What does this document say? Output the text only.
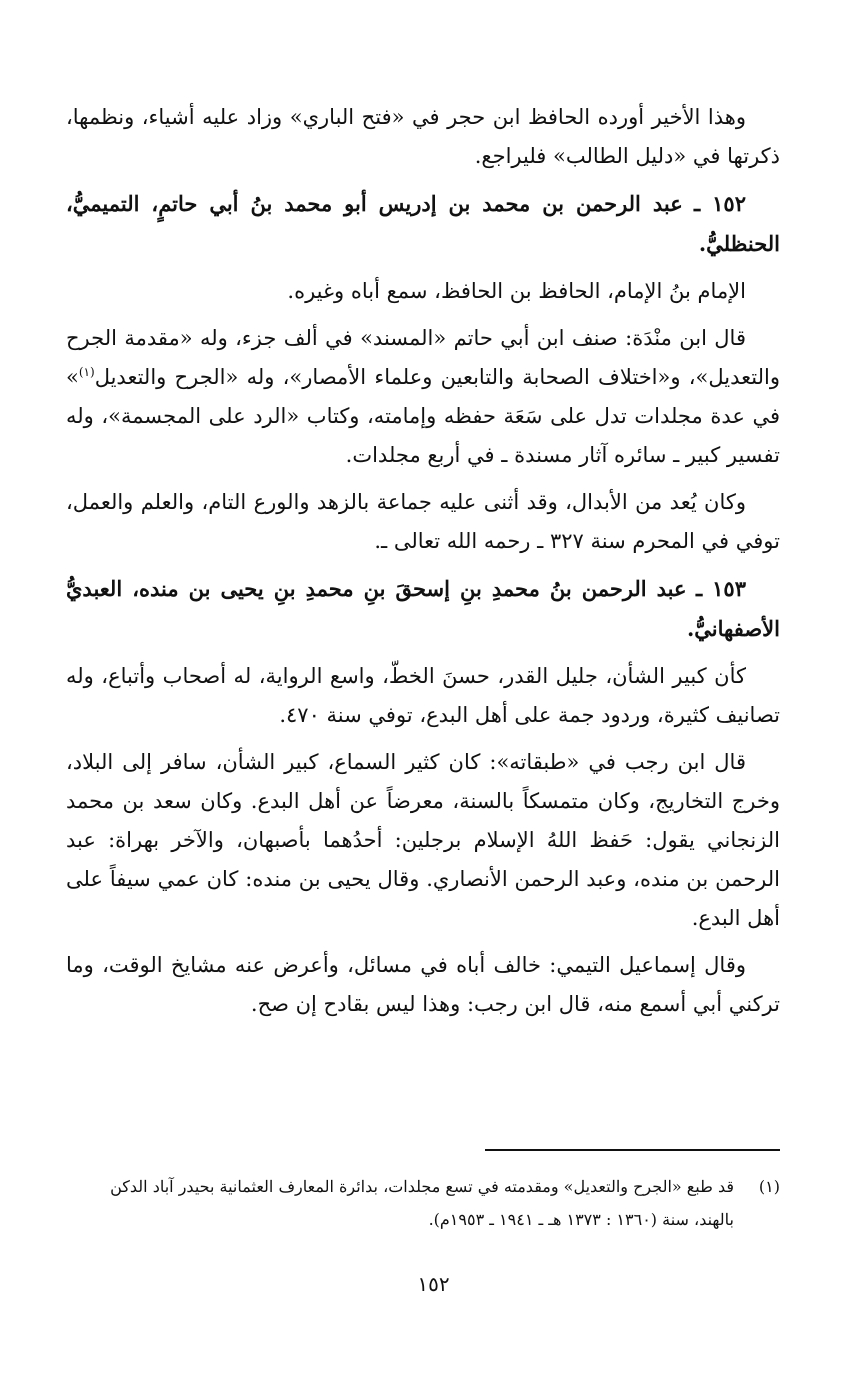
وهذا الأخير أورده الحافظ ابن حجر في «فتح الباري» وزاد عليه أشياء، ونظمها، ذكرتها في «دليل الطالب» فليراجع.

١٥٢ ـ عبد الرحمن بن محمد بن إدريس أبو محمد بنُ أبي حاتمٍ، التميميُّ، الحنظليُّ.

الإمام بنُ الإمام، الحافظ بن الحافظ، سمع أباه وغيره.

قال ابن منْدَة: صنف ابن أبي حاتم «المسند» في ألف جزء، وله «مقدمة الجرح والتعديل»، و«اختلاف الصحابة والتابعين وعلماء الأمصار»، وله «الجرح والتعديل$^{(١)}$» في عدة مجلدات تدل على سَعَة حفظه وإمامته، وكتاب «الرد على المجسمة»، وله تفسير كبير ـ سائره آثار مسندة ـ في أربع مجلدات.

وكان يُعد من الأبدال، وقد أثنى عليه جماعة بالزهد والورع التام، والعلم والعمل، توفي في المحرم سنة ٣٢٧ ـ رحمه الله تعالى ـ.

١٥٣ ـ عبد الرحمن بنُ محمدِ بنِ إسحقَ بنِ محمدِ بنِ يحيى بن منده، العبديُّ الأصفهانيُّ.

كأن كبير الشأن، جليل القدر، حسنَ الخطّ، واسع الرواية، له أصحاب وأتباع، وله تصانيف كثيرة، وردود جمة على أهل البدع، توفي سنة ٤٧٠.

قال ابن رجب في «طبقاته»: كان كثير السماع، كبير الشأن، سافر إلى البلاد، وخرج التخاريج، وكان متمسكاً بالسنة، معرضاً عن أهل البدع. وكان سعد بن محمد الزنجاني يقول: حَفظ اللهُ الإسلام برجلين: أحدُهما بأصبهان، والآخر بهراة: عبد الرحمن بن منده، وعبد الرحمن الأنصاري. وقال يحيى بن منده: كان عمي سيفاً على أهل البدع.

وقال إسماعيل التيمي: خالف أباه في مسائل، وأعرض عنه مشايخ الوقت، وما تركني أبي أسمع منه، قال ابن رجب: وهذا ليس بقادح إن صح.

(١)
قد طبع «الجرح والتعديل» ومقدمته في تسع مجلدات، بدائرة المعارف العثمانية بحيدر آباد الدكن بالهند، سنة (١٣٦٠ : ١٣٧٣ هـ ـ ١٩٤١ ـ ١٩٥٣م).
١٥٢
